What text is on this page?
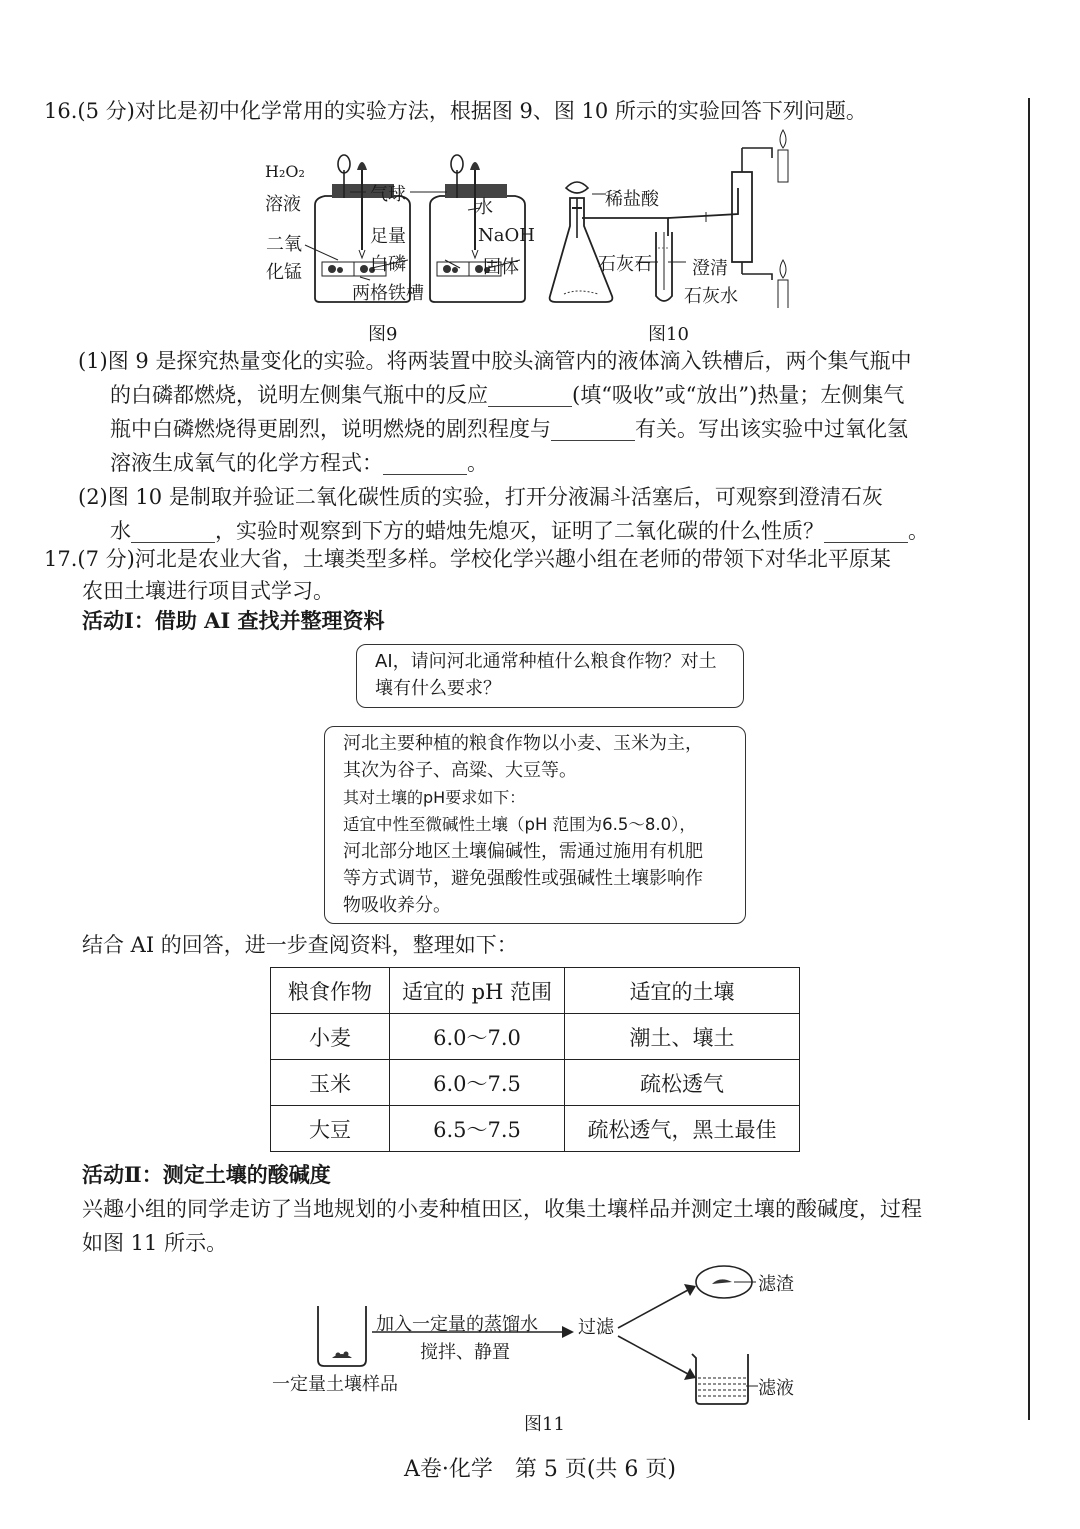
16.(5 分)对比是初中化学常用的实验方法，根据图 9、图 10 所示的实验回答下列问题。
H₂O₂
溶液	气球
水
二氧
化锰
足量
白磷
NaOH
固体
两格铁槽
图9
稀盐酸
石灰石 澄清
石灰水
图10
(1)图 9 是探究热量变化的实验。将两装置中胶头滴管内的液体滴入铁槽后，两个集气瓶中
的白磷都燃烧，说明左侧集气瓶中的反应________(填“吸收”或“放出”)热量；左侧集气
瓶中白磷燃烧得更剧烈，说明燃烧的剧烈程度与________有关。写出该实验中过氧化氢
溶液生成氧气的化学方程式：________。
(2)图 10 是制取并验证二氧化碳性质的实验，打开分液漏斗活塞后，可观察到澄清石灰
水________，实验时观察到下方的蜡烛先熄灭，证明了二氧化碳的什么性质？________。
17.(7 分)河北是农业大省，土壤类型多样。学校化学兴趣小组在老师的带领下对华北平原某
农田土壤进行项目式学习。
活动Ⅰ：借助 AI 查找并整理资料
AI，请问河北通常种植什么粮食作物？对土
壤有什么要求？
河北主要种植的粮食作物以小麦、玉米为主，
其次为谷子、高粱、大豆等。
其对土壤的pH要求如下：
适宜中性至微碱性土壤（pH 范围为6.5～8.0），
河北部分地区土壤偏碱性，需通过施用有机肥
等方式调节，避免强酸性或强碱性土壤影响作
物吸收养分。
结合 AI 的回答，进一步查阅资料，整理如下：
粮食作物	适宜的 pH 范围	适宜的土壤
小麦	6.0～7.0	潮土、壤土
玉米	6.0～7.5	疏松透气
大豆	6.5～7.5	疏松透气，黑土最佳
活动Ⅱ：测定土壤的酸碱度
兴趣小组的同学走访了当地规划的小麦种植田区，收集土壤样品并测定土壤的酸碱度，过程
如图 11 所示。
加入一定量的蒸馏水
搅拌、静置
过滤
一定量土壤样品
滤渣
滤液
图11
A卷·化学　第 5 页(共 6 页)
